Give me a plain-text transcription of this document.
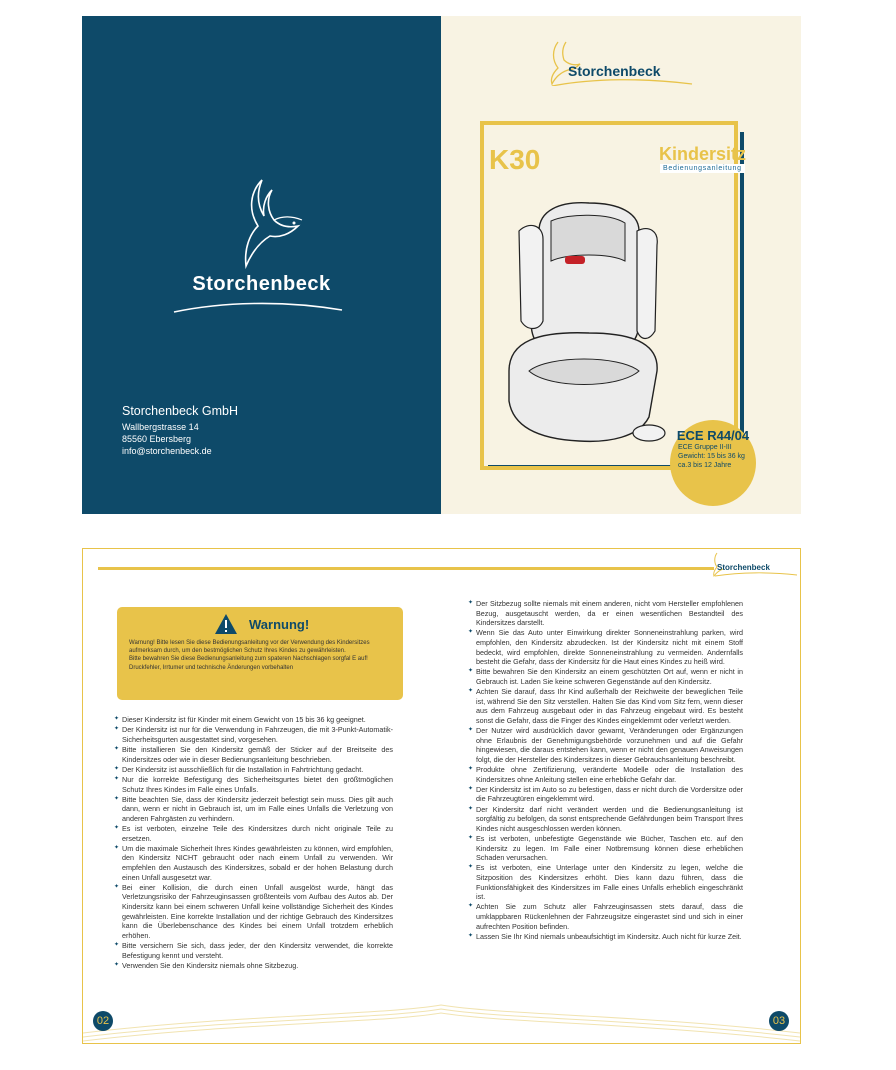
Storchenbeck
Storchenbeck GmbH
Wallbergstrasse 14
85560 Ebersberg
info@storchenbeck.de
Storchenbeck
K30	Kindersitz
Bedienungsanleitung
ECE R44/04
ECE Gruppe II-III
Gewicht: 15 bis 36 kg
ca.3 bis 12 Jahre
Storchenbeck
Warnung!
Warnung! Bitte lesen Sie diese Bedienungsanleitung vor der Verwendung des Kindersitzes aufmerksam durch, um den bestmöglichen Schutz Ihres Kindes zu gewährleisten.
Bitte bewahren Sie diese Bedienungsanleitung zum spateren Nachschlagen sorgfal E auf!
Druckfehler, Irrtumer und technische Änderungen vorbehalten
✦ Dieser Kindersitz ist für Kinder mit einem Gewicht von 15 bis 36 kg geeignet.
✦ Der Kindersitz ist nur für die Verwendung in Fahrzeugen, die mit 3-Punkt-Automatik-Sicherheitsgurten ausgestattet sind, vorgesehen.
✦ Bitte installieren Sie den Kindersitz gemäß der Sticker auf der Breitseite des Kindersitzes oder wie in dieser Bedienungsanleitung beschrieben.
✦ Der Kindersitz ist ausschließlich für die Installation in Fahrtrichtung gedacht.
✦ Nur die korrekte Befestigung des Sicherheitsgurtes bietet den größtmöglichen Schutz Ihres Kindes im Falle eines Unfalls.
✦ Bitte beachten Sie, dass der Kindersitz jederzeit befestigt sein muss. Dies gilt auch dann, wenn er nicht in Gebrauch ist, um im Falle eines Unfalls die Verletzung von anderen Fahrgästen zu verhindern.
✦ Es ist verboten, einzelne Teile des Kindersitzes durch nicht originale Teile zu ersetzen.
✦ Um die maximale Sicherheit Ihres Kindes gewährleisten zu können, wird empfohlen, den Kindersitz NICHT gebraucht oder nach einem Unfall zu verwenden. Wir empfehlen den Austausch des Kindersitzes, sobald er der hohen Belastung durch einen Unfall ausgesetzt war.
✦ Bei einer Kollision, die durch einen Unfall ausgelöst wurde, hängt das Verletzungsrisiko der Fahrzeuginsassen größtenteils vom Aufbau des Autos ab. Der Kindersitz kann bei einem schweren Unfall keine vollständige Sicherheit des Kindes gewährleisten. Eine korrekte Installation und der richtige Gebrauch des Kindersitzes kann die Überlebenschance des Kindes bei einem Unfall trotzdem erheblich erhöhen.
✦ Bitte versichern Sie sich, dass jeder, der den Kindersitz verwendet, die korrekte Befestigung kennt und versteht.
✦ Verwenden Sie den Kindersitz niemals ohne Sitzbezug.
✦ Der Sitzbezug sollte niemals mit einem anderen, nicht vom Hersteller empfohlenen Bezug, ausgetauscht werden, da er einen wesentlichen Bestandteil des Kindersitzes darstellt.
✦ Wenn Sie das Auto unter Einwirkung direkter Sonneneinstrahlung parken, wird empfohlen, den Kindersitz abzudecken. Ist der Kindersitz nicht mit einem Stoff bedeckt, wird empfohlen, direkte Sonneneinstrahlung zu vermeiden. Andernfalls besteht die Gefahr, dass der Kindersitz für die Haut eines Kindes zu heiß wird.
✦ Bitte bewahren Sie den Kindersitz an einem geschützten Ort auf, wenn er nicht in Gebrauch ist. Laden Sie keine schweren Gegenstände auf den Kindersitz.
✦ Achten Sie darauf, dass Ihr Kind außerhalb der Reichweite der beweglichen Teile ist, während Sie den Sitz verstellen. Halten Sie das Kind vom Sitz fern, wenn dieser aus dem Fahrzeug ausgebaut oder in das Fahrzeug eingebaut wird. Es besteht sonst die Gefahr, dass die Finger des Kindes eingeklemmt oder verletzt werden.
✦ Der Nutzer wird ausdrücklich davor gewarnt, Veränderungen oder Ergänzungen ohne Erlaubnis der Genehmigungsbehörde vorzunehmen und auf die Gefahr hingewiesen, die daraus entstehen kann, wenn er nicht den genauen Anweisungen folgt, die der Hersteller des Kindersitzes in dieser Gebrauchsanleitung beschreibt.
✦ Produkte ohne Zertifizierung, veränderte Modelle oder die Installation des Kindersitzes ohne Anleitung stellen eine erhebliche Gefahr dar.
✦ Der Kindersitz ist im Auto so zu befestigen, dass er nicht durch die Vordersitze oder die Fahrzeugtüren eingeklemmt wird.
✦ Der Kindersitz darf nicht verändert werden und die Bedienungsanleitung ist sorgfältig zu befolgen, da sonst entsprechende Gefährdungen beim Transport Ihres Kindes nicht ausgeschlossen werden können.
✦ Es ist verboten, unbefestigte Gegenstände wie Bücher, Taschen etc. auf den Kindersitz zu legen. Im Falle einer Notbremsung können diese erheblichen Schaden verursachen.
✦ Es ist verboten, eine Unterlage unter den Kindersitz zu legen, welche die Sitzposition des Kindersitzes erhöht. Dies kann dazu führen, dass die Funktionsfähigkeit des Kindersitzes im Falle eines Unfalls erheblich eingeschränkt ist.
✦ Achten Sie zum Schutz aller Fahrzeuginsassen stets darauf, dass die umklappbaren Rückenlehnen der Fahrzeugsitze eingerastet sind und sich in einer aufrechten Position befinden.
✦ Lassen Sie Ihr Kind niemals unbeaufsichtigt im Kindersitz. Auch nicht für kurze Zeit.
02	03
